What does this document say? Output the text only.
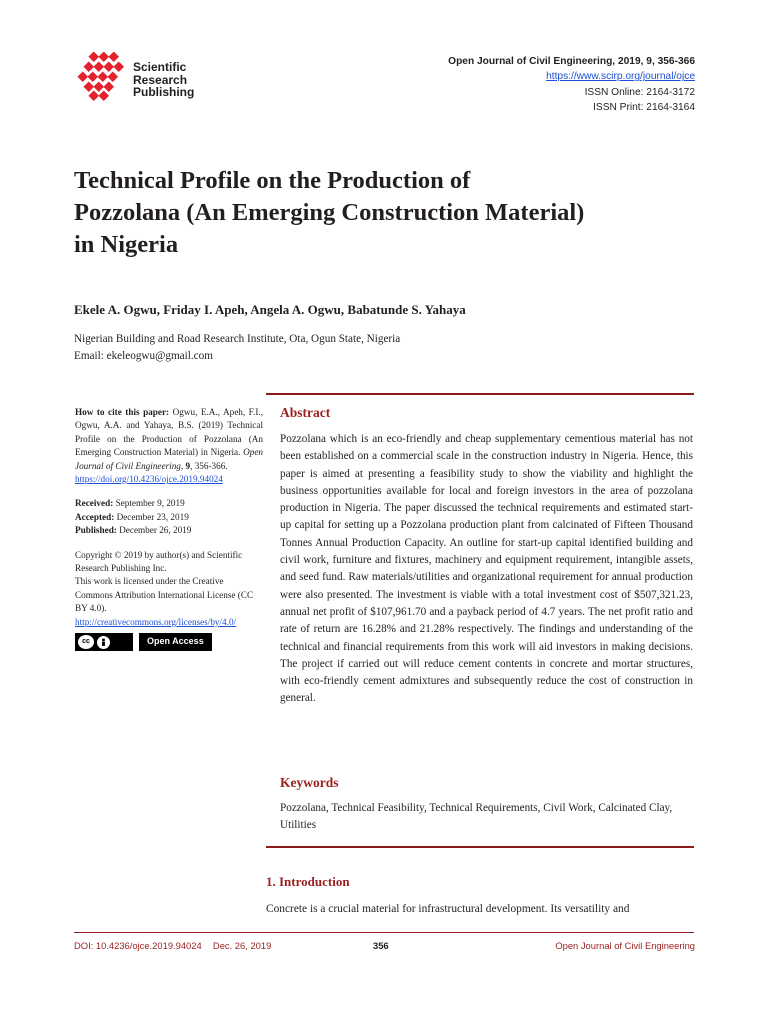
Scientific
Research
Publishing
Open Journal of Civil Engineering, 2019, 9, 356-366
https://www.scirp.org/journal/ojce
ISSN Online: 2164-3172
ISSN Print: 2164-3164
Technical Profile on the Production of
Pozzolana (An Emerging Construction Material)
in Nigeria
Ekele A. Ogwu, Friday I. Apeh, Angela A. Ogwu, Babatunde S. Yahaya
Nigerian Building and Road Research Institute, Ota, Ogun State, Nigeria
Email: ekeleogwu@gmail.com
How to cite this paper: Ogwu, E.A., Apeh, F.I., Ogwu, A.A. and Yahaya, B.S. (2019) Technical Profile on the Production of Pozzolana (An Emerging Construction Material) in Nigeria. Open Journal of Civil Engineering, 9, 356-366.
https://doi.org/10.4236/ojce.2019.94024
Received: September 9, 2019
Accepted: December 23, 2019
Published: December 26, 2019
Copyright © 2019 by author(s) and Scientific Research Publishing Inc.
This work is licensed under the Creative Commons Attribution International License (CC BY 4.0).
http://creativecommons.org/licenses/by/4.0/
cc	Open Access
Abstract
Pozzolana which is an eco-friendly and cheap supplementary cementious material has not been established on a commercial scale in the construction industry in Nigeria. Hence, this paper is aimed at presenting a feasibility study to show the viability and highlight the business opportunities available for local and foreign investors in the area of pozzolana production in Nigeria. The paper discussed the technical requirements and estimated start-up capital for setting up a Pozzolana production plant from calcinated of Fifteen Thousand Tonnes Annual Production Capacity. An outline for start-up capital identified building and civil work, furniture and fixtures, machinery and equipment requirement, intangible assets, and seed fund. Raw materials/utilities and organizational requirement for annual production were also presented. The investment is viable with a total investment cost of $507,321.23, annual net profit of $107,961.70 and a payback period of 4.7 years. The net profit ratio and rate of return are 16.28% and 21.28% respectively. The findings and understanding of the technical and financial requirements from this work will aid investors in making decisions. The project if carried out will reduce cement contents in concrete and mortar structures, with eco-friendly cement admixtures and subsequently reduce the cost of construction in general.
Keywords
Pozzolana, Technical Feasibility, Technical Requirements, Civil Work, Calcinated Clay, Utilities
1. Introduction
Concrete is a crucial material for infrastructural development. Its versatility and
DOI: 10.4236/ojce.2019.94024 Dec. 26, 2019	356	Open Journal of Civil Engineering
